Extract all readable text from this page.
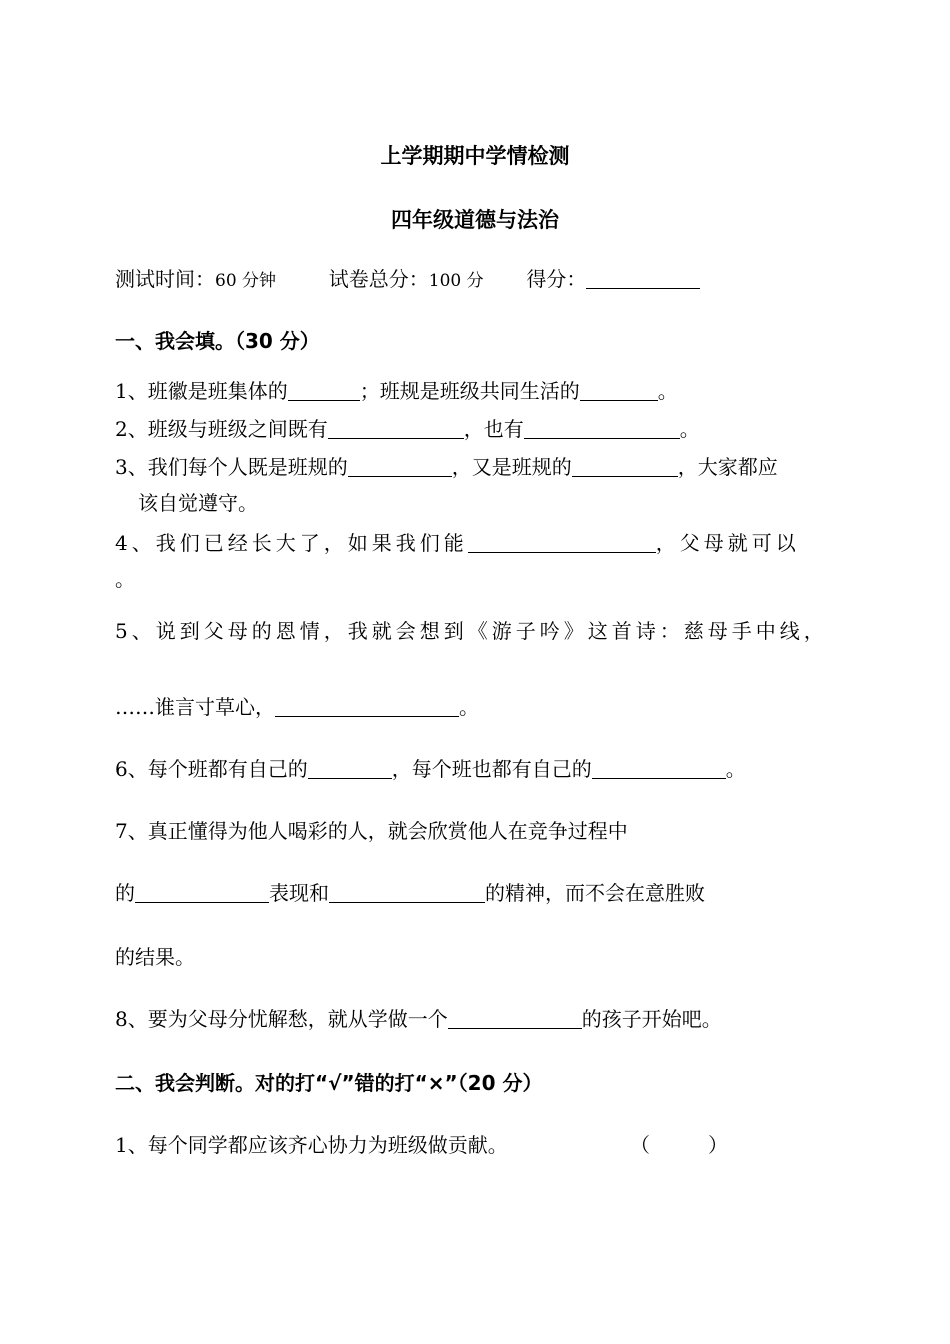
上学期期中学情检测
四年级道德与法治
测试时间：60 分钟	试卷总分：100 分 得分：
一、我会填。（30 分）
1、班徽是班集体的	；班规是班级共同生活的	。
2、班级与班级之间既有	，也有	。
3、我们每个人既是班规的	，又是班规的	，大家都应
该自觉遵守。
4、我们已经长大了，如果我们能	，父母就可以
。
5、说到父母的恩情，我就会想到《游子吟》这首诗：慈母手中线，
……谁言寸草心，	。
6、每个班都有自己的	，每个班也都有自己的	。
7、真正懂得为他人喝彩的人，就会欣赏他人在竞争过程中
的	表现和	的精神，而不会在意胜败
的结果。
8、要为父母分忧解愁，就从学做一个	的孩子开始吧。
二、我会判断。对的打“√”错的打“×”（20 分）
1、每个同学都应该齐心协力为班级做贡献。	（	）
